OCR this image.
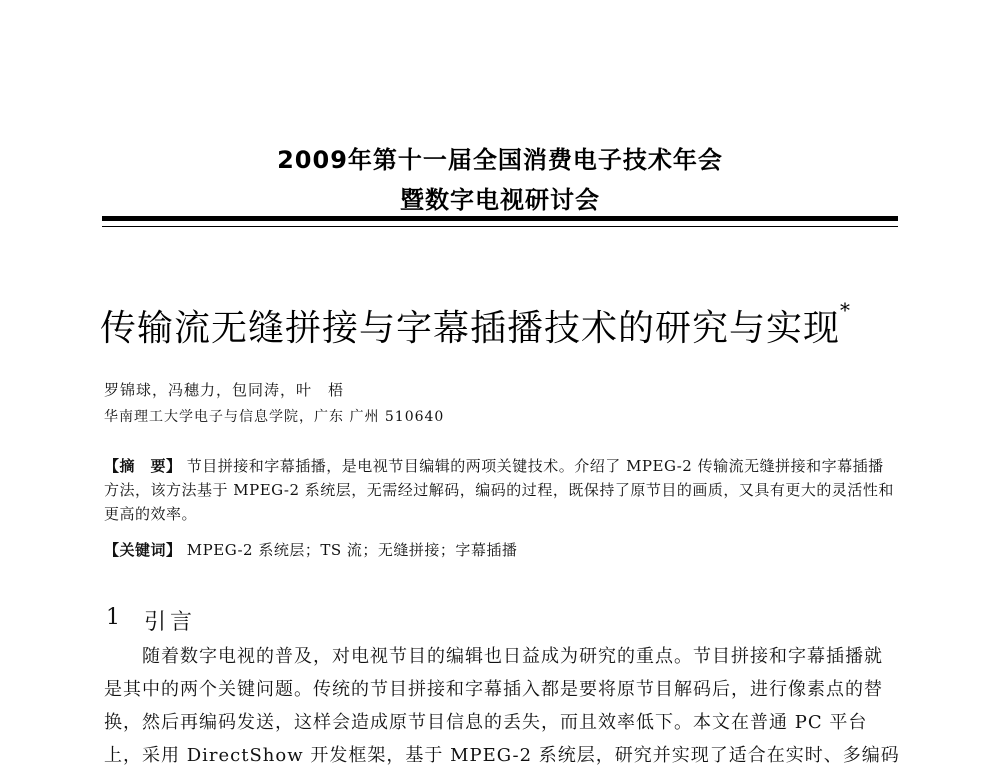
2009年第十一届全国消费电子技术年会
暨数字电视研讨会
传输流无缝拼接与字幕插播技术的研究与实现*
罗锦球，冯穗力，包同涛，叶　梧
华南理工大学电子与信息学院，广东 广州 510640

【摘　要】 节目拼接和字幕插播，是电视节目编辑的两项关键技术。介绍了 MPEG-2 传输流无缝拼接和字幕插播方法，该方法基于 MPEG-2 系统层，无需经过解码，编码的过程，既保持了原节目的画质，又具有更大的灵活性和更高的效率。

【关键词】 MPEG-2 系统层；TS 流；无缝拼接；字幕插播

1 引言

随着数字电视的普及，对电视节目的编辑也日益成为研究的重点。节目拼接和字幕插播就是其中的两个关键问题。传统的节目拼接和字幕插入都是要将原节目解码后，进行像素点的替换，然后再编码发送，这样会造成原节目信息的丢失，而且效率低下。本文在普通 PC 平台上，采用 DirectShow 开发框架，基于 MPEG-2 系统层，研究并实现了适合在实时、多编码
